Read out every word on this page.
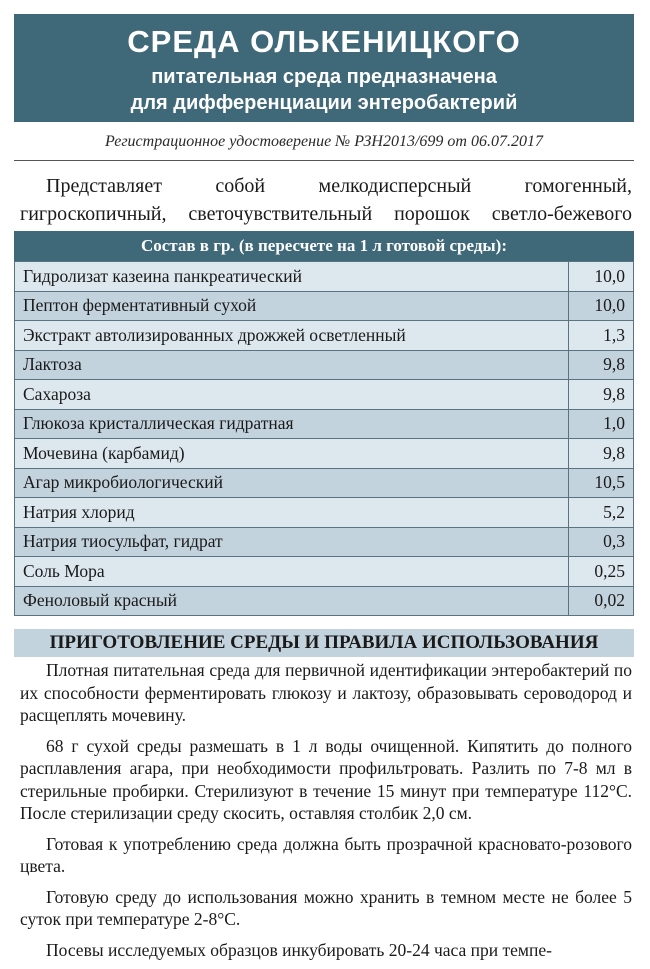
СРЕДА ОЛЬКЕНИЦКОГО
питательная среда предназначена
для дифференциации энтеробактерий
Регистрационное удостоверение № РЗН2013/699 от 06.07.2017
Представляет собой мелкодисперсный гомогенный, гигроскопичный, светочувствительный порошок светло-бежевого
Состав в гр. (в пересчете на 1 л готовой среды):
Гидролизат казеина панкреатический	10,0
Пептон ферментативный сухой	10,0
Экстракт автолизированных дрожжей осветленный	1,3
Лактоза	9,8
Сахароза	9,8
Глюкоза кристаллическая гидратная	1,0
Мочевина (карбамид)	9,8
Агар микробиологический	10,5
Натрия хлорид	5,2
Натрия тиосульфат, гидрат	0,3
Соль Мора	0,25
Феноловый красный	0,02
ПРИГОТОВЛЕНИЕ СРЕДЫ И ПРАВИЛА ИСПОЛЬЗОВАНИЯ

Плотная питательная среда для первичной идентификации энтеробактерий по их способности ферментировать глюкозу и лактозу, образовывать сероводород и расщеплять мочевину.

68 г сухой среды размешать в 1 л воды очищенной. Кипятить до полного расплавления агара, при необходимости профильтровать. Разлить по 7-8 мл в стерильные пробирки. Стерилизуют в течение 15 минут при температуре 112°С. После стерилизации среду скосить, оставляя столбик 2,0 см.

Готовая к употреблению среда должна быть прозрачной красновато-розового цвета.

Готовую среду до использования можно хранить в темном месте не более 5 суток при температуре 2-8°С.

Посевы исследуемых образцов инкубировать 20-24 часа при темпе-
